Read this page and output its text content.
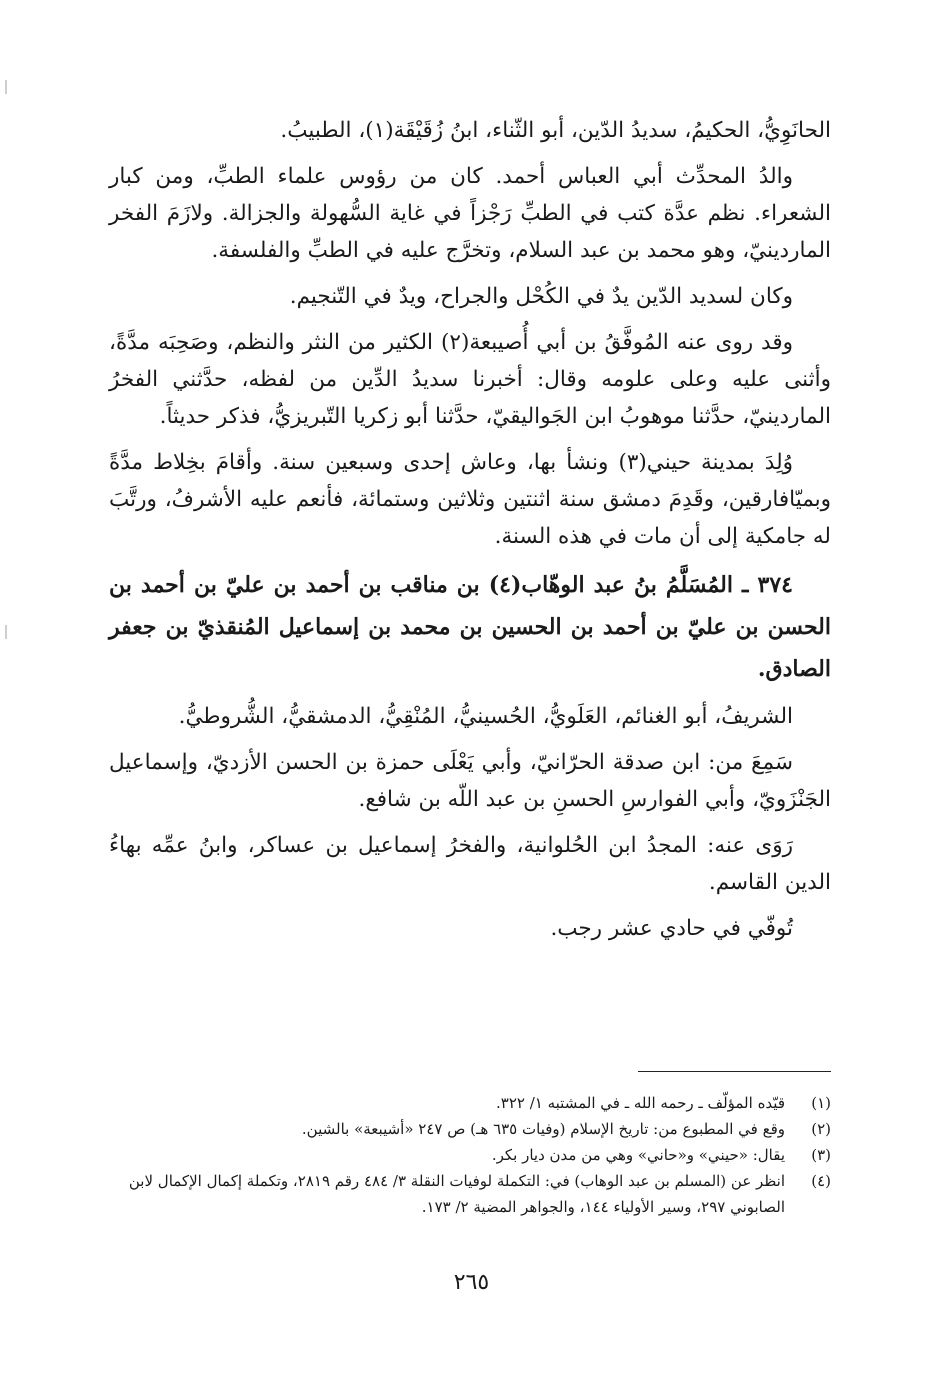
الحانَوِيُّ، الحكيمُ، سديدُ الدّين، أبو الثّناء، ابنُ زُقَيْقَة(١)، الطبيبُ.

والدُ المحدِّث أبي العباس أحمد. كان من رؤوس علماء الطبِّ، ومن كبار الشعراء. نظم عدَّة كتب في الطبِّ رَجْزاً في غاية السُّهولة والجزالة. ولازَمَ الفخر الماردينيّ، وهو محمد بن عبد السلام، وتخرَّج عليه في الطبِّ والفلسفة.

وكان لسديد الدّين يدٌ في الكُحْل والجراح، ويدٌ في التّنجيم.

وقد روى عنه المُوفَّقُ بن أبي أُصيبعة(٢) الكثير من النثر والنظم، وصَحِبَه مدَّةً، وأثنى عليه وعلى علومه وقال: أخبرنا سديدُ الدِّين من لفظه، حدَّثني الفخرُ الماردينيّ، حدَّثنا موهوبُ ابن الجَواليقيّ، حدَّثنا أبو زكريا التّبريزيُّ، فذكر حديثاً.

وُلِدَ بمدينة حيني(٣) ونشأ بها، وعاش إحدى وسبعين سنة. وأقامَ بخِلاط مدَّةً وبميّافارقين، وقَدِمَ دمشق سنة اثنتين وثلاثين وستمائة، فأنعم عليه الأشرفُ، ورتَّبَ له جامكية إلى أن مات في هذه السنة.

٣٧٤ ـ المُسَلَّمُ بنُ عبد الوهّاب(٤) بن مناقب بن أحمد بن عليّ بن أحمد بن الحسن بن عليّ بن أحمد بن الحسين بن محمد بن إسماعيل المُنقذيّ بن جعفر الصادق.

الشريفُ، أبو الغنائم، العَلَويُّ، الحُسينيُّ، المُنْقِيُّ، الدمشقيُّ، الشُّروطيُّ.

سَمِعَ من: ابن صدقة الحرّانيّ، وأبي يَعْلَى حمزة بن الحسن الأزديّ، وإسماعيل الجَنْزَويّ، وأبي الفوارسِ الحسنِ بن عبد اللّه بن شافع.

رَوَى عنه: المجدُ ابن الحُلوانية، والفخرُ إسماعيل بن عساكر، وابنُ عمِّه بهاءُ الدين القاسم.

تُوفّي في حادي عشر رجب.

(١)
قيّده المؤلّف ـ رحمه الله ـ في المشتبه ١/ ٣٢٢.
(٢)
وقع في المطبوع من: تاريخ الإسلام (وفيات ٦٣٥ هـ) ص ٢٤٧ «أشيبعة» بالشين.
(٣)
يقال: «حيني» و«حاني» وهي من مدن ديار بكر.
(٤)
انظر عن (المسلم بن عبد الوهاب) في: التكملة لوفيات النقلة ٣/ ٤٨٤ رقم ٢٨١٩، وتكملة إكمال الإكمال لابن الصابوني ٢٩٧، وسير الأولياء ١٤٤، والجواهر المضية ٢/ ١٧٣.
٢٦٥
